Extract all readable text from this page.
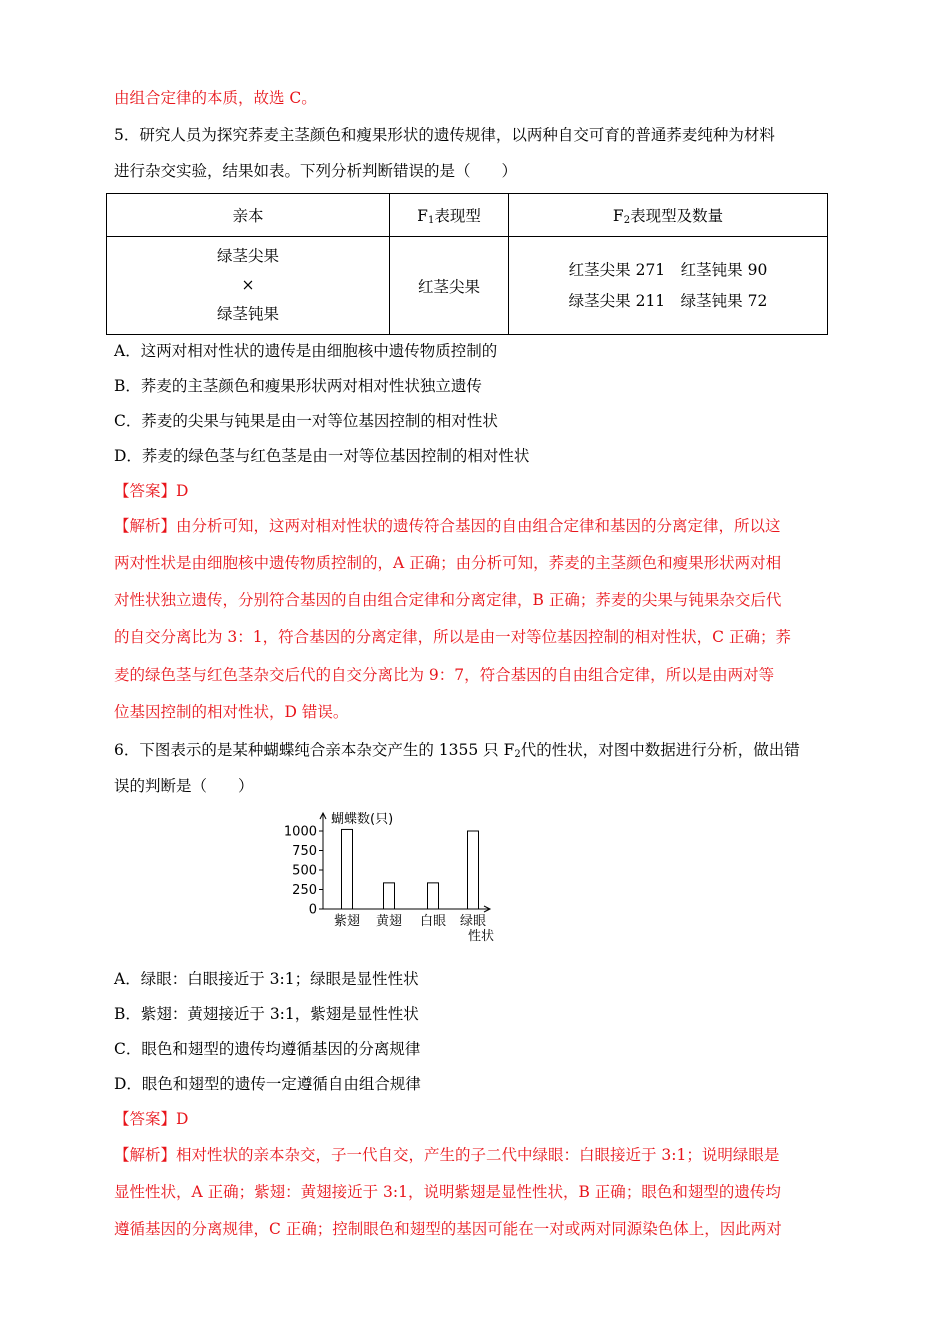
由组合定律的本质，故选 C。
5．研究人员为探究荞麦主茎颜色和瘦果形状的遗传规律，以两种自交可育的普通荞麦纯种为材料
进行杂交实验，结果如表。下列分析判断错误的是（　　）
亲本	$F_1$表现型	$F_2$表现型及数量

绿茎尖果
×
绿茎钝果	红茎尖果	红茎尖果 271　红茎钝果 90
绿茎尖果 211　绿茎钝果 72
A．这两对相对性状的遗传是由细胞核中遗传物质控制的
B．荞麦的主茎颜色和瘦果形状两对相对性状独立遗传
C．荞麦的尖果与钝果是由一对等位基因控制的相对性状
D．荞麦的绿色茎与红色茎是由一对等位基因控制的相对性状
【答案】D
【解析】由分析可知，这两对相对性状的遗传符合基因的自由组合定律和基因的分离定律，所以这
两对性状是由细胞核中遗传物质控制的，A 正确；由分析可知，荞麦的主茎颜色和瘦果形状两对相
对性状独立遗传，分别符合基因的自由组合定律和分离定律，B 正确；荞麦的尖果与钝果杂交后代
的自交分离比为 3：1，符合基因的分离定律，所以是由一对等位基因控制的相对性状，C 正确；荞
麦的绿色茎与红色茎杂交后代的自交分离比为 9：7，符合基因的自由组合定律，所以是由两对等
位基因控制的相对性状，D 错误。
6．下图表示的是某种蝴蝶纯合亲本杂交产生的 1355 只 $F_2$代的性状，对图中数据进行分析，做出错
误的判断是（　　）
蝴蝶数(只)
0
250
500
750
1000
紫翅 黄翅 白眼 绿眼
性状
A．绿眼：白眼接近于 3:1；绿眼是显性性状
B．紫翅：黄翅接近于 3:1，紫翅是显性性状
C．眼色和翅型的遗传均遵循基因的分离规律
D．眼色和翅型的遗传一定遵循自由组合规律
【答案】D
【解析】相对性状的亲本杂交，子一代自交，产生的子二代中绿眼：白眼接近于 3:1；说明绿眼是
显性性状，A 正确；紫翅：黄翅接近于 3:1，说明紫翅是显性性状，B 正确；眼色和翅型的遗传均
遵循基因的分离规律，C 正确；控制眼色和翅型的基因可能在一对或两对同源染色体上，因此两对
